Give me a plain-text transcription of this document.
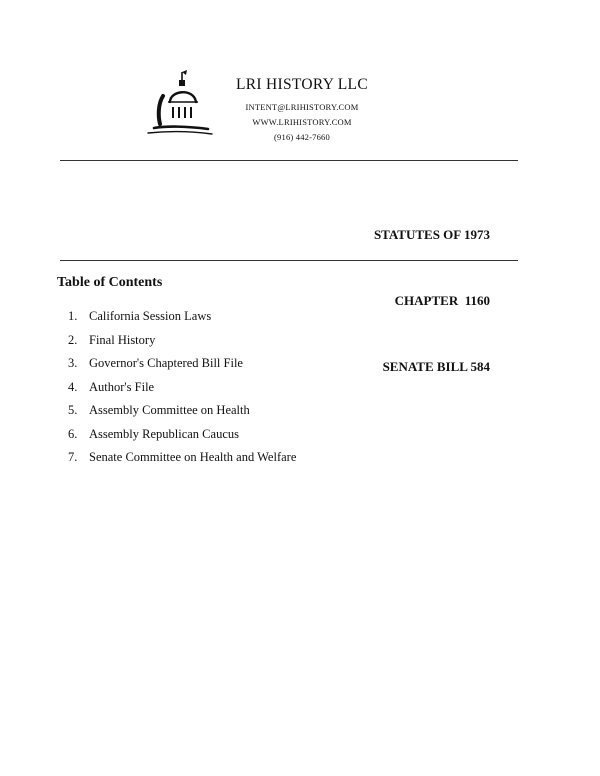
LRI HISTORY LLC
INTENT@LRIHISTORY.COM
WWW.LRIHISTORY.COM
(916) 442-7660

STATUTES OF 1973

CHAPTER  1160

SENATE BILL 584

Table of Contents
1. California Session Laws
2. Final History
3. Governor's Chaptered Bill File
4. Author's File
5. Assembly Committee on Health
6. Assembly Republican Caucus
7. Senate Committee on Health and Welfare
